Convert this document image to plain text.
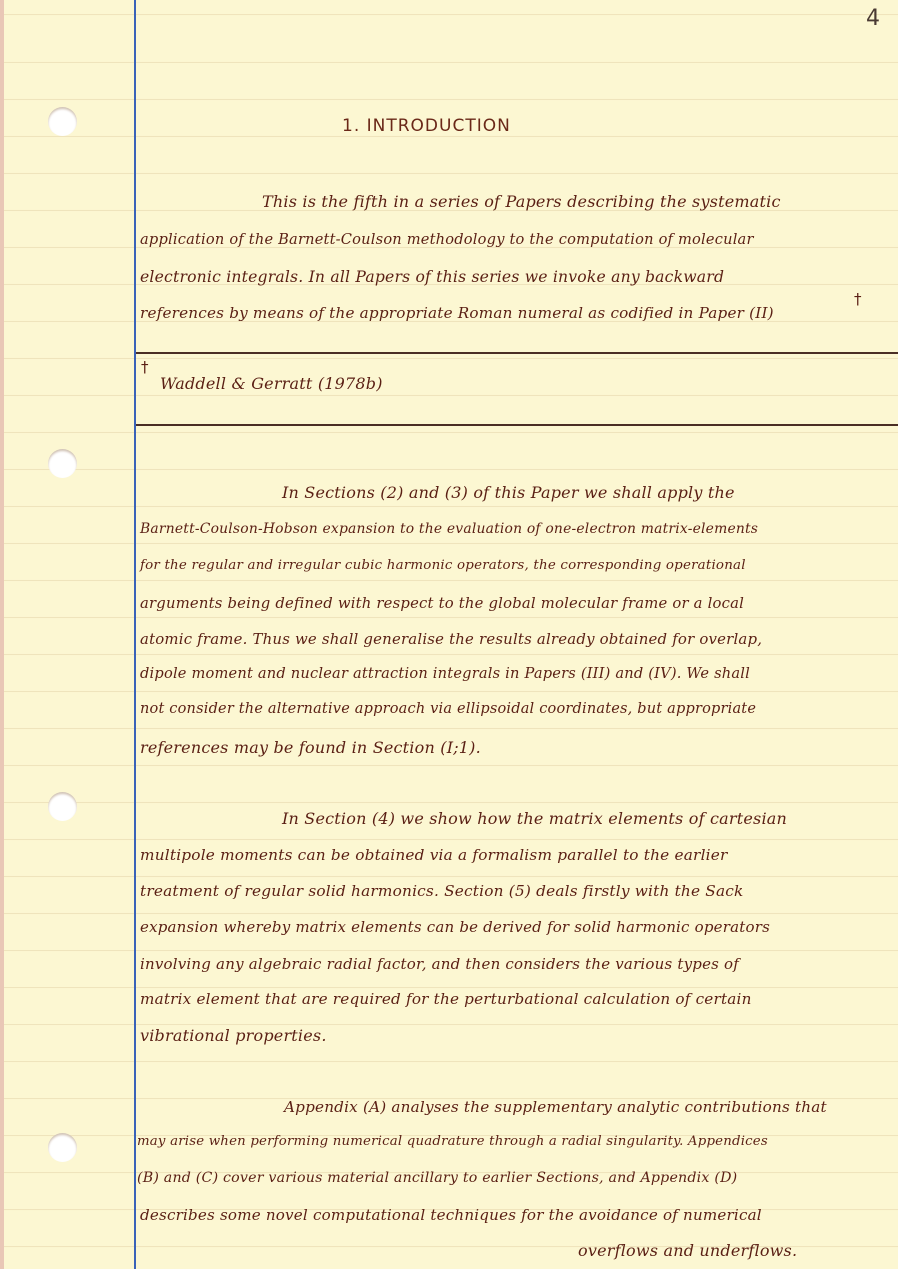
4
1. INTRODUCTION
This is the fifth in a series of Papers describing the systematic
application of the Barnett-Coulson methodology to the computation of molecular
electronic integrals. In all Papers of this series we invoke any backward
references by means of the appropriate Roman numeral as codified in Paper (II)
†
†
Waddell & Gerratt (1978b)
In Sections (2) and (3) of this Paper we shall apply the
Barnett-Coulson-Hobson expansion to the evaluation of one-electron matrix-elements
for the regular and irregular cubic harmonic operators, the corresponding operational
arguments being defined with respect to the global molecular frame or a local
atomic frame. Thus we shall generalise the results already obtained for overlap,
dipole moment and nuclear attraction integrals in Papers (III) and (IV). We shall
not consider the alternative approach via ellipsoidal coordinates, but appropriate
references may be found in Section (I;1).
In Section (4) we show how the matrix elements of cartesian
multipole moments can be obtained via a formalism parallel to the earlier
treatment of regular solid harmonics. Section (5) deals firstly with the Sack
expansion whereby matrix elements can be derived for solid harmonic operators
involving any algebraic radial factor, and then considers the various types of
matrix element that are required for the perturbational calculation of certain
vibrational properties.
Appendix (A) analyses the supplementary analytic contributions that
may arise when performing numerical quadrature through a radial singularity. Appendices
(B) and (C) cover various material ancillary to earlier Sections, and Appendix (D)
describes some novel computational techniques for the avoidance of numerical
overflows and underflows.
